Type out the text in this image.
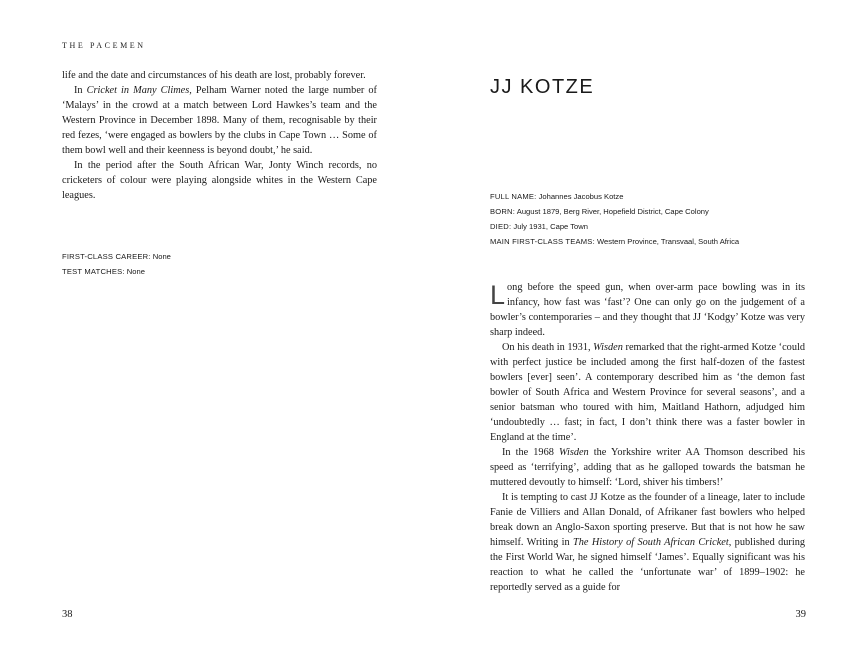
THE PACEMEN

life and the date and circumstances of his death are lost, probably forever.

In Cricket in Many Climes, Pelham Warner noted the large number of ‘Malays’ in the crowd at a match between Lord Hawkes’s team and the Western Province in December 1898. Many of them, recognisable by their red fezes, ‘were engaged as bowlers by the clubs in Cape Town … Some of them bowl well and their keenness is beyond doubt,’ he said.

In the period after the South African War, Jonty Winch records, no cricketers of colour were playing alongside whites in the Western Cape leagues.

FIRST-CLASS CAREER: None
TEST MATCHES: None
38
JJ KOTZE
FULL NAME: Johannes Jacobus Kotze
BORN: August 1879, Berg River, Hopefield District, Cape Colony
DIED: July 1931, Cape Town
MAIN FIRST-CLASS TEAMS: Western Province, Transvaal, South Africa

Long before the speed gun, when over-arm pace bowling was in its infancy, how fast was ‘fast’? One can only go on the judgement of a bowler’s contemporaries – and they thought that JJ ‘Kodgy’ Kotze was very sharp indeed.

On his death in 1931, Wisden remarked that the right-armed Kotze ‘could with perfect justice be included among the first half-dozen of the fastest bowlers [ever] seen’. A contemporary described him as ‘the demon fast bowler of South Africa and Western Province for several seasons’, and a senior batsman who toured with him, Maitland Hathorn, adjudged him ‘undoubtedly … fast; in fact, I don’t think there was a faster bowler in England at the time’.

In the 1968 Wisden the Yorkshire writer AA Thomson described his speed as ‘terrifying’, adding that as he galloped towards the batsman he muttered devoutly to himself: ‘Lord, shiver his timbers!’

It is tempting to cast JJ Kotze as the founder of a lineage, later to include Fanie de Villiers and Allan Donald, of Afrikaner fast bowlers who helped break down an Anglo-Saxon sporting preserve. But that is not how he saw himself. Writing in The History of South African Cricket, published during the First World War, he signed himself ‘James’. Equally significant was his reaction to what he called the ‘unfortunate war’ of 1899–1902: he reportedly served as a guide for

39
